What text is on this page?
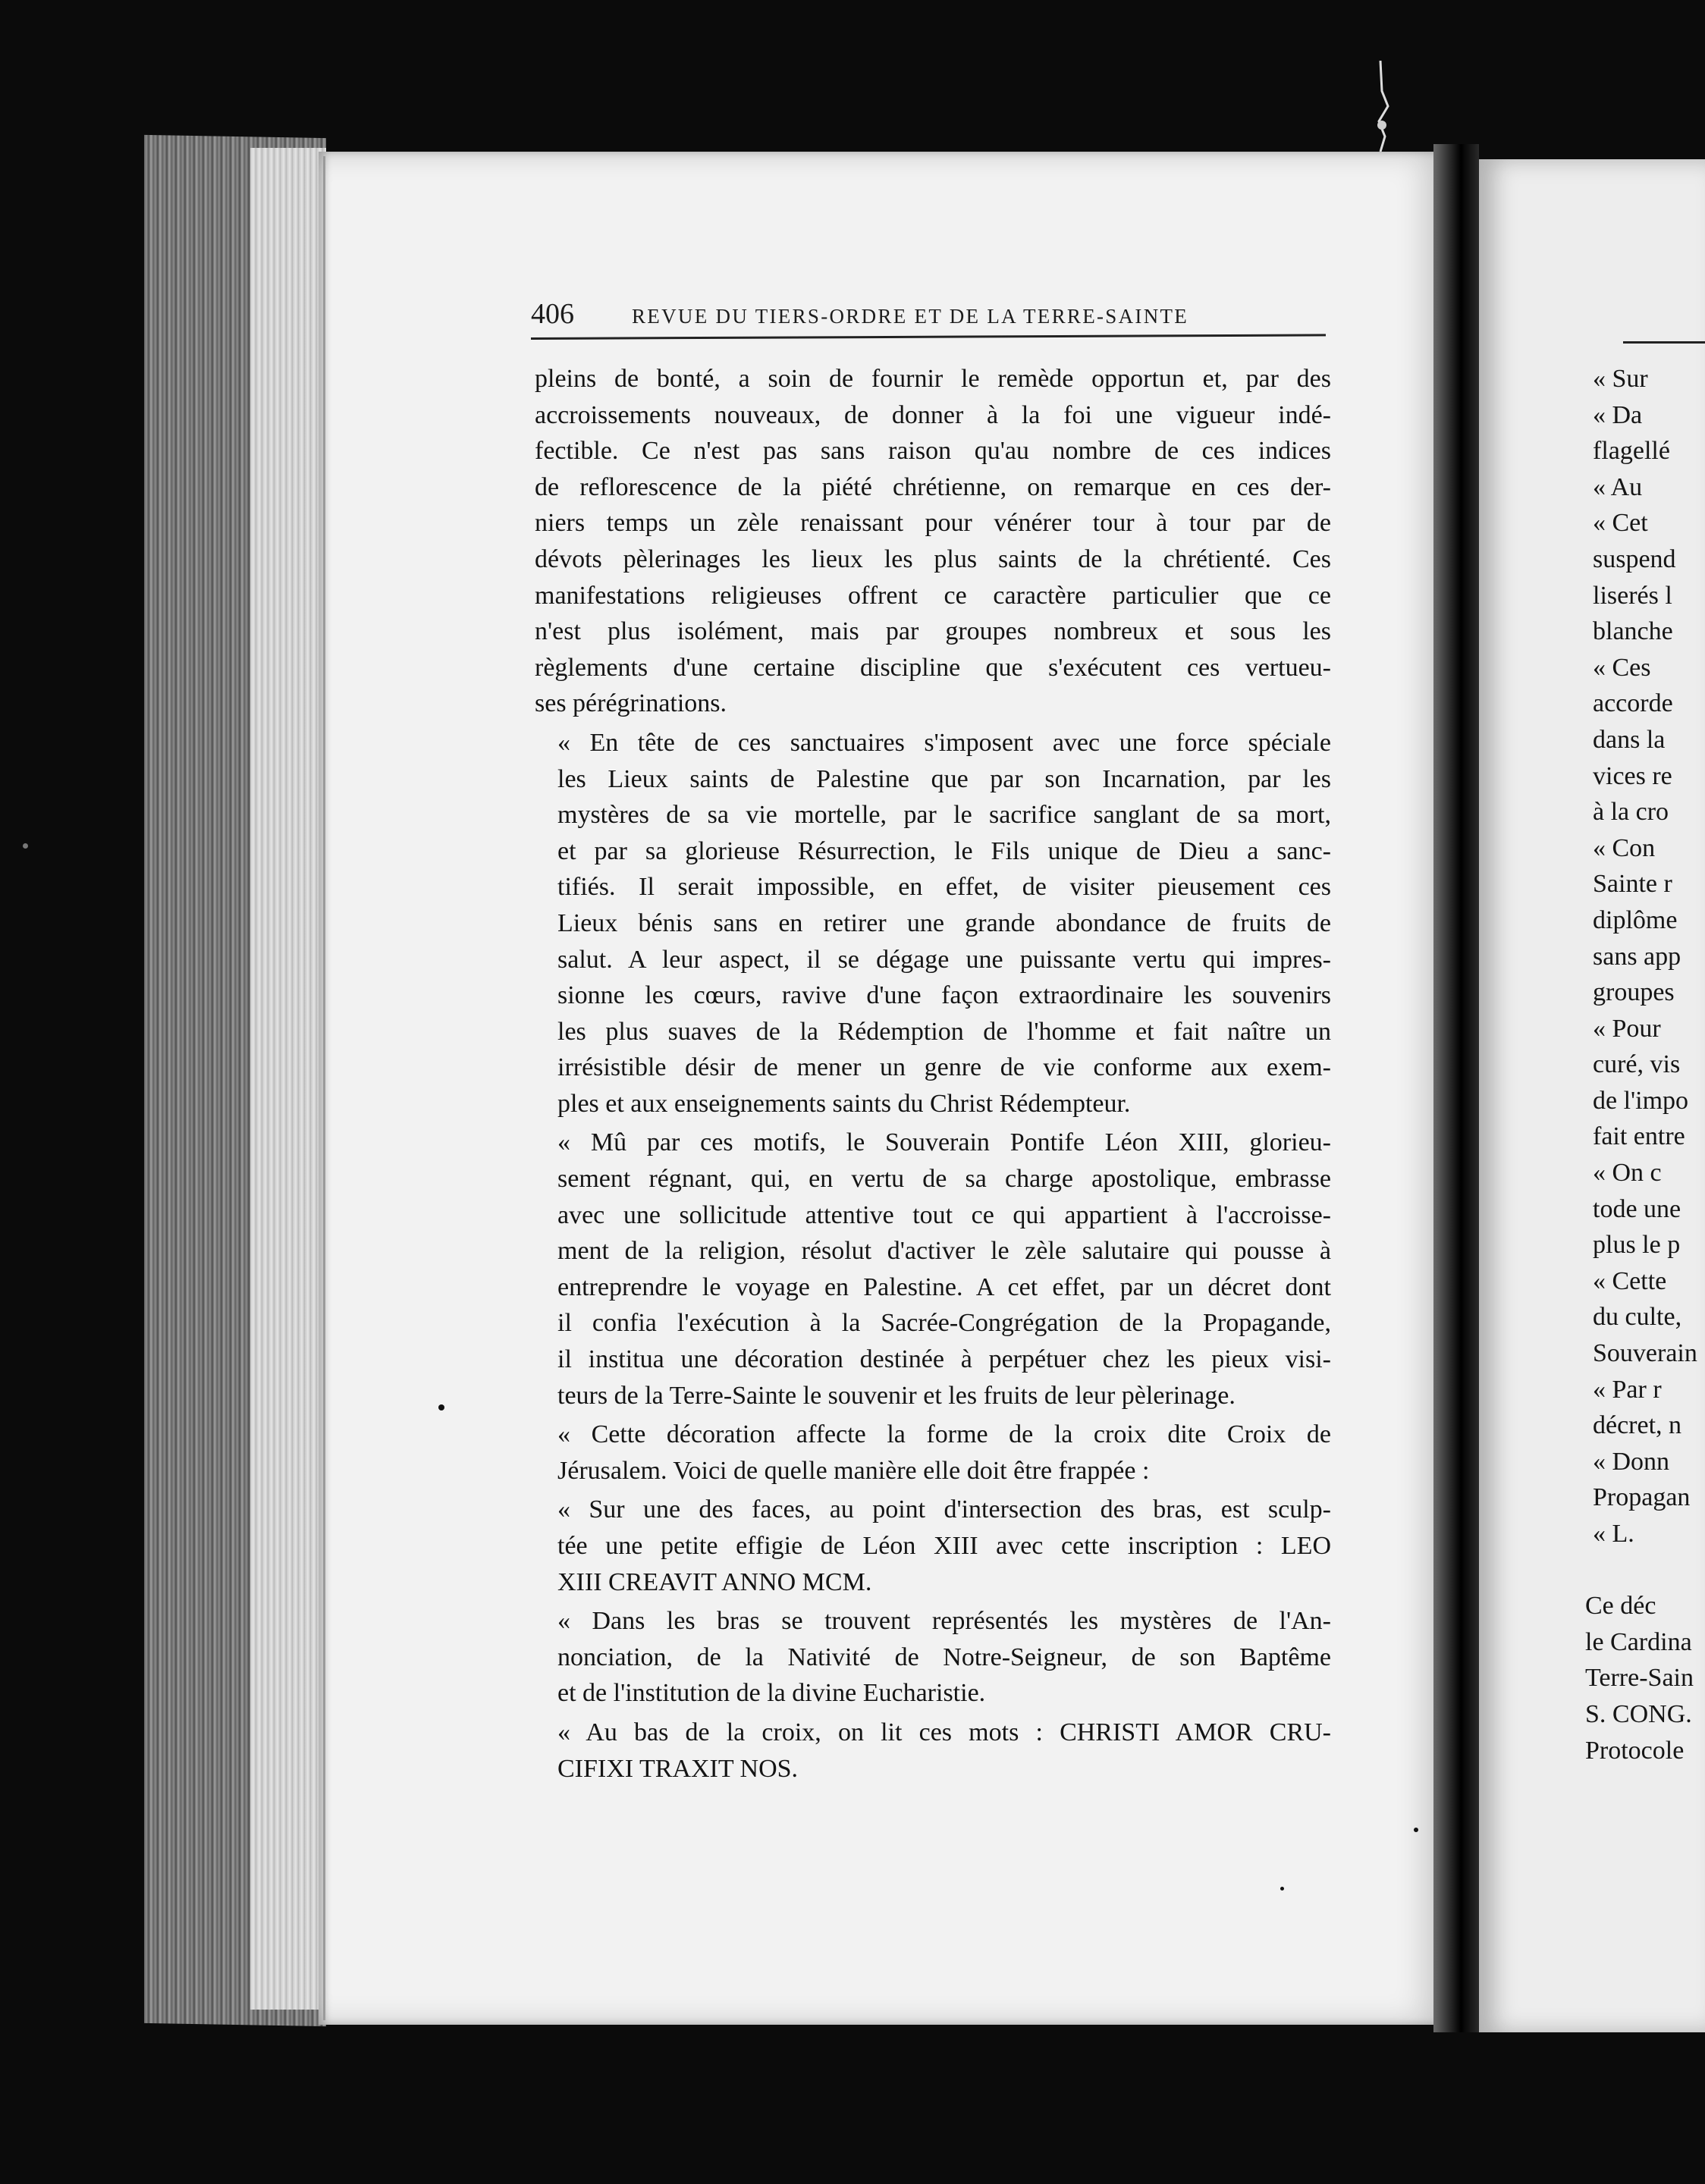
406	REVUE DU TIERS-ORDRE ET DE LA TERRE-SAINTE

pleins de bonté, a soin de fournir le remède opportun et, par des
accroissements nouveaux, de donner à la foi une vigueur indé-
fectible. Ce n'est pas sans raison qu'au nombre de ces indices
de reflorescence de la piété chrétienne, on remarque en ces der-
niers temps un zèle renaissant pour vénérer tour à tour par de
dévots pèlerinages les lieux les plus saints de la chrétienté. Ces
manifestations religieuses offrent ce caractère particulier que ce
n'est plus isolément, mais par groupes nombreux et sous les
règlements d'une certaine discipline que s'exécutent ces vertueu-
ses pérégrinations.

« En tête de ces sanctuaires s'imposent avec une force spéciale
les Lieux saints de Palestine que par son Incarnation, par les
mystères de sa vie mortelle, par le sacrifice sanglant de sa mort,
et par sa glorieuse Résurrection, le Fils unique de Dieu a sanc-
tifiés. Il serait impossible, en effet, de visiter pieusement ces
Lieux bénis sans en retirer une grande abondance de fruits de
salut. A leur aspect, il se dégage une puissante vertu qui impres-
sionne les cœurs, ravive d'une façon extraordinaire les souvenirs
les plus suaves de la Rédemption de l'homme et fait naître un
irrésistible désir de mener un genre de vie conforme aux exem-
ples et aux enseignements saints du Christ Rédempteur.

« Mû par ces motifs, le Souverain Pontife Léon XIII, glorieu-
sement régnant, qui, en vertu de sa charge apostolique, embrasse
avec une sollicitude attentive tout ce qui appartient à l'accroisse-
ment de la religion, résolut d'activer le zèle salutaire qui pousse à
entreprendre le voyage en Palestine. A cet effet, par un décret dont
il confia l'exécution à la Sacrée-Congrégation de la Propagande,
il institua une décoration destinée à perpétuer chez les pieux visi-
teurs de la Terre-Sainte le souvenir et les fruits de leur pèlerinage.

« Cette décoration affecte la forme de la croix dite Croix de
Jérusalem. Voici de quelle manière elle doit être frappée :

« Sur une des faces, au point d'intersection des bras, est sculp-
tée une petite effigie de Léon XIII avec cette inscription : LEO
XIII CREAVIT ANNO MCM.

« Dans les bras se trouvent représentés les mystères de l'An-
nonciation, de la Nativité de Notre-Seigneur, de son Baptême
et de l'institution de la divine Eucharistie.

« Au bas de la croix, on lit ces mots : CHRISTI AMOR CRU-
CIFIXI TRAXIT NOS.

« Sur
« Da
flagellé
« Au
« Cet
suspend
liserés l
blanche
« Ces
accorde
dans la
vices re
à la cro
« Con
Sainte r
diplôme
sans app
groupes
« Pour
curé, vis
de l'impo
fait entre
« On c
tode une
plus le p
« Cette
du culte,
Souverain
« Par r
décret, n
« Donn
Propagan
« L.

Ce déc
le Cardina
Terre-Sain
S. CONG.
Protocole
